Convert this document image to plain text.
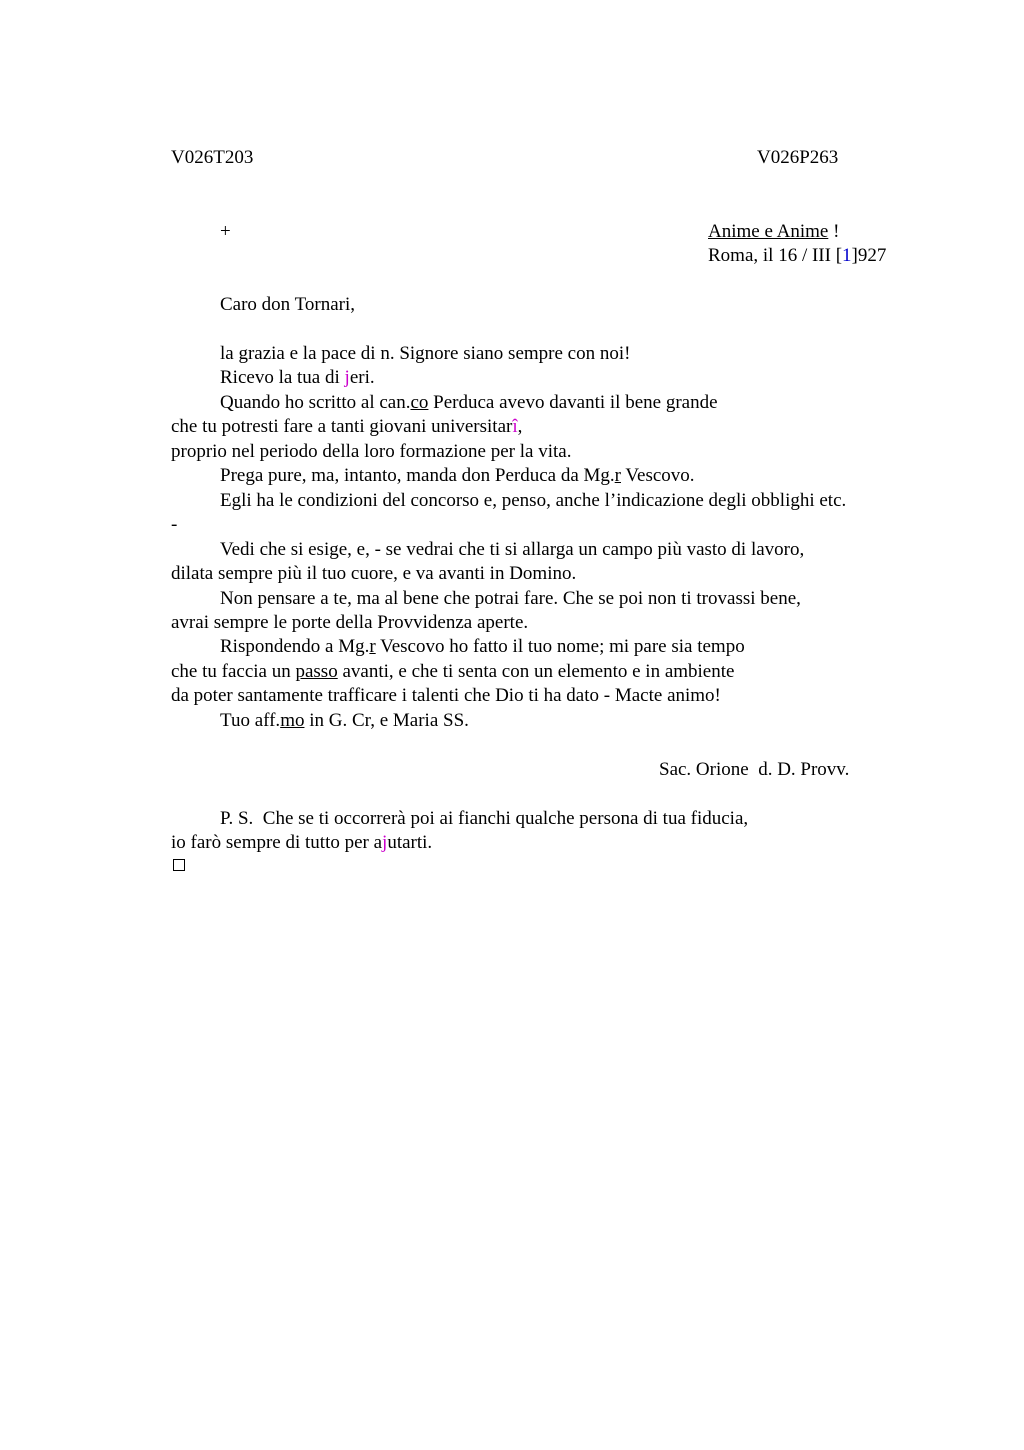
V026T203	V026P263
+	Anime e Anime !
Roma, il 16 / III [1]927
Caro don Tornari,
la grazia e la pace di n. Signore siano sempre con noi!
Ricevo la tua di jeri.
Quando ho scritto al can.co Perduca avevo davanti il bene grande
che tu potresti fare a tanti giovani universitarî,
proprio nel periodo della loro formazione per la vita.
Prega pure, ma, intanto, manda don Perduca da Mg.r Vescovo.
Egli ha le condizioni del concorso e, penso, anche l’indicazione degli obblighi etc.
-
Vedi che si esige, e, - se vedrai che ti si allarga un campo più vasto di lavoro,
dilata sempre più il tuo cuore, e va avanti in Domino.
Non pensare a te, ma al bene che potrai fare. Che se poi non ti trovassi bene,
avrai sempre le porte della Provvidenza aperte.
Rispondendo a Mg.r Vescovo ho fatto il tuo nome; mi pare sia tempo
che tu faccia un passo avanti, e che ti senta con un elemento e in ambiente
da poter santamente trafficare i talenti che Dio ti ha dato - Macte animo!
Tuo aff.mo in G. Cr, e Maria SS.
Sac. Orione  d. D. Provv.
P. S.  Che se ti occorrerà poi ai fianchi qualche persona di tua fiducia,
io farò sempre di tutto per ajutarti.
